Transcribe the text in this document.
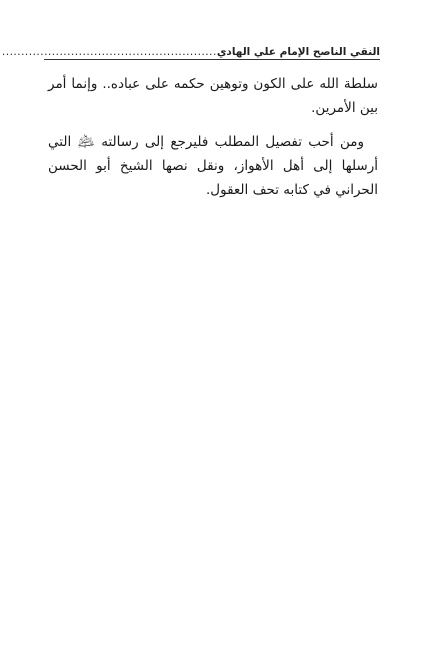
النقي الناصح الإمام علي الهادي
........................................................

سلطة الله على الكون وتوهين حكمه على عباده.. وإنما أمر بين الأمرين.

ومن أحب تفصيل المطلب فليرجع إلى رسالته ﵇ التي أرسلها إلى أهل الأهواز، ونقل نصها الشيخ أبو الحسن الحراني في كتابه تحف العقول.
